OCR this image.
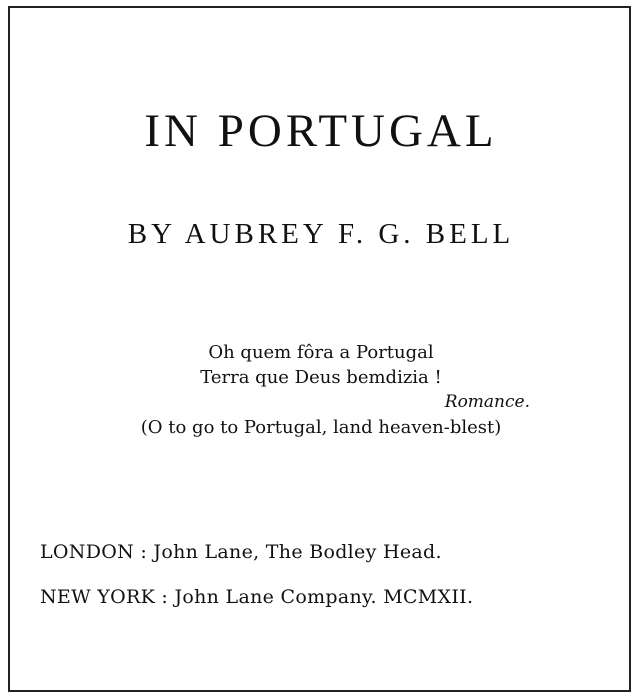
IN PORTUGAL
BY AUBREY F. G. BELL
Oh quem fôra a Portugal
Terra que Deus bemdizia !
Romance.
(O to go to Portugal, land heaven-blest)
LONDON : John Lane, The Bodley Head.
NEW YORK : John Lane Company. MCMXII.
